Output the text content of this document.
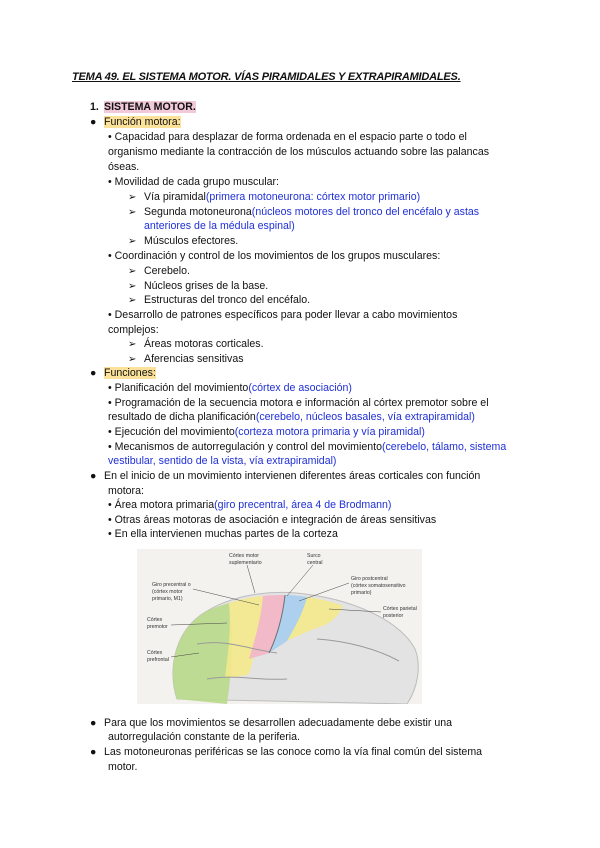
TEMA 49. EL SISTEMA MOTOR. VÍAS PIRAMIDALES Y EXTRAPIRAMIDALES.
1. SISTEMA MOTOR.
● Función motora:
• Capacidad para desplazar de forma ordenada en el espacio parte o todo el
organismo mediante la contracción de los músculos actuando sobre las palancas
óseas.
• Movilidad de cada grupo muscular:
➢ Vía piramidal(primera motoneurona: córtex motor primario)
➢ Segunda motoneurona(núcleos motores del tronco del encéfalo y astas
anteriores de la médula espinal)
➢ Músculos efectores.
• Coordinación y control de los movimientos de los grupos musculares:
➢ Cerebelo.
➢ Núcleos grises de la base.
➢ Estructuras del tronco del encéfalo.
• Desarrollo de patrones específicos para poder llevar a cabo movimientos
complejos:
➢ Áreas motoras corticales.
➢ Aferencias sensitivas
● Funciones:
• Planificación del movimiento(córtex de asociación)
• Programación de la secuencia motora e información al córtex premotor sobre el
resultado de dicha planificación(cerebelo, núcleos basales, vía extrapiramidal)
• Ejecución del movimiento(corteza motora primaria y vía piramidal)
• Mecanismos de autorregulación y control del movimiento(cerebelo, tálamo, sistema
vestibular, sentido de la vista, vía extrapiramidal)
● En el inicio de un movimiento intervienen diferentes áreas corticales con función
motora:
• Área motora primaria(giro precentral, área 4 de Brodmann)
• Otras áreas motoras de asociación e integración de áreas sensitivas
• En ella intervienen muchas partes de la corteza
Córtex motor
suplementario
Surco
central
Giro postcentral
(córtex somatosensitivo
primario)
Giro precentral o
(córtex motor
primario, M1)
Córtex parietal
posterior
Córtex
premotor
Córtex
prefrontal
● Para que los movimientos se desarrollen adecuadamente debe existir una
autorregulación constante de la periferia.
● Las motoneuronas periféricas se las conoce como la vía final común del sistema
motor.
